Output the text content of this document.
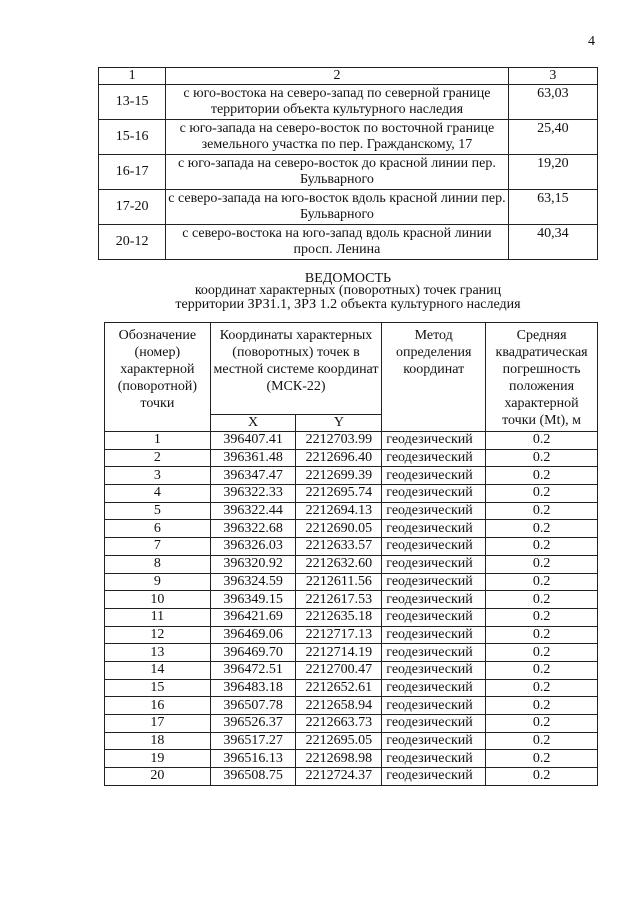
4
1	2	3
13-15	с юго-востока на северо-запад по северной границе территории объекта культурного наследия	63,03
15-16	с юго-запада на северо-восток по восточной границе земельного участка по пер. Гражданскому, 17	25,40
16-17	с юго-запада на северо-восток до красной линии пер. Бульварного	19,20
17-20	с северо-запада на юго-восток вдоль красной линии пер. Бульварного	63,15
20-12	с северо-востока на юго-запад вдоль красной линии просп. Ленина	40,34
ВЕДОМОСТЬ
координат характерных (поворотных) точек границ
территории ЗРЗ1.1, ЗРЗ 1.2 объекта культурного наследия
Обозначение (номер) характерной (поворотной) точки	Координаты характерных (поворотных) точек в местной системе координат (МСК-22)		Метод определения координат	Средняя квадратическая погрешность положения характерной точки (Mt), м
	X	Y		
1	396407.41	2212703.99	геодезический	0.2
2	396361.48	2212696.40	геодезический	0.2
3	396347.47	2212699.39	геодезический	0.2
4	396322.33	2212695.74	геодезический	0.2
5	396322.44	2212694.13	геодезический	0.2
6	396322.68	2212690.05	геодезический	0.2
7	396326.03	2212633.57	геодезический	0.2
8	396320.92	2212632.60	геодезический	0.2
9	396324.59	2212611.56	геодезический	0.2
10	396349.15	2212617.53	геодезический	0.2
11	396421.69	2212635.18	геодезический	0.2
12	396469.06	2212717.13	геодезический	0.2
13	396469.70	2212714.19	геодезический	0.2
14	396472.51	2212700.47	геодезический	0.2
15	396483.18	2212652.61	геодезический	0.2
16	396507.78	2212658.94	геодезический	0.2
17	396526.37	2212663.73	геодезический	0.2
18	396517.27	2212695.05	геодезический	0.2
19	396516.13	2212698.98	геодезический	0.2
20	396508.75	2212724.37	геодезический	0.2
